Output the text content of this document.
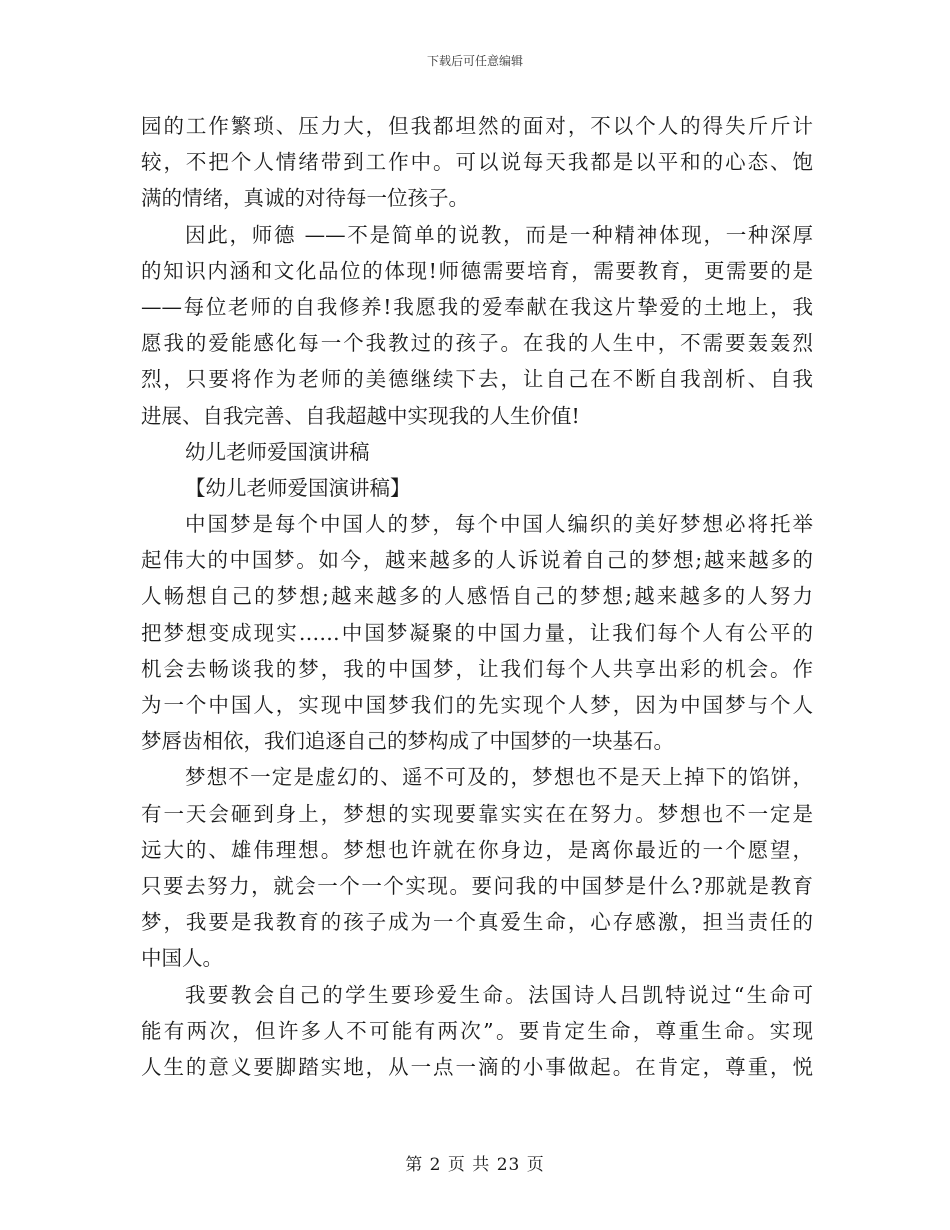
下载后可任意编辑
园的工作繁琐、压力大，但我都坦然的面对，不以个人的得失斤斤计
较，不把个人情绪带到工作中。可以说每天我都是以平和的心态、饱
满的情绪，真诚的对待每一位孩子。
因此，师德 ——不是简单的说教，而是一种精神体现，一种深厚
的知识内涵和文化品位的体现!师德需要培育，需要教育，更需要的是
——每位老师的自我修养!我愿我的爱奉献在我这片挚爱的土地上，我
愿我的爱能感化每一个我教过的孩子。在我的人生中，不需要轰轰烈
烈，只要将作为老师的美德继续下去，让自己在不断自我剖析、自我
进展、自我完善、自我超越中实现我的人生价值!
幼儿老师爱国演讲稿
【幼儿老师爱国演讲稿】
中国梦是每个中国人的梦，每个中国人编织的美好梦想必将托举
起伟大的中国梦。如今，越来越多的人诉说着自己的梦想;越来越多的
人畅想自己的梦想;越来越多的人感悟自己的梦想;越来越多的人努力
把梦想变成现实……中国梦凝聚的中国力量，让我们每个人有公平的
机会去畅谈我的梦，我的中国梦，让我们每个人共享出彩的机会。作
为一个中国人，实现中国梦我们的先实现个人梦，因为中国梦与个人
梦唇齿相依，我们追逐自己的梦构成了中国梦的一块基石。
梦想不一定是虚幻的、遥不可及的，梦想也不是天上掉下的馅饼，
有一天会砸到身上，梦想的实现要靠实实在在努力。梦想也不一定是
远大的、雄伟理想。梦想也许就在你身边，是离你最近的一个愿望，
只要去努力，就会一个一个实现。要问我的中国梦是什么?那就是教育
梦，我要是我教育的孩子成为一个真爱生命，心存感激，担当责任的
中国人。
我要教会自己的学生要珍爱生命。法国诗人吕凯特说过“生命可
能有两次，但许多人不可能有两次”。要肯定生命，尊重生命。实现
人生的意义要脚踏实地，从一点一滴的小事做起。在肯定，尊重，悦
第 2 页 共 23 页
